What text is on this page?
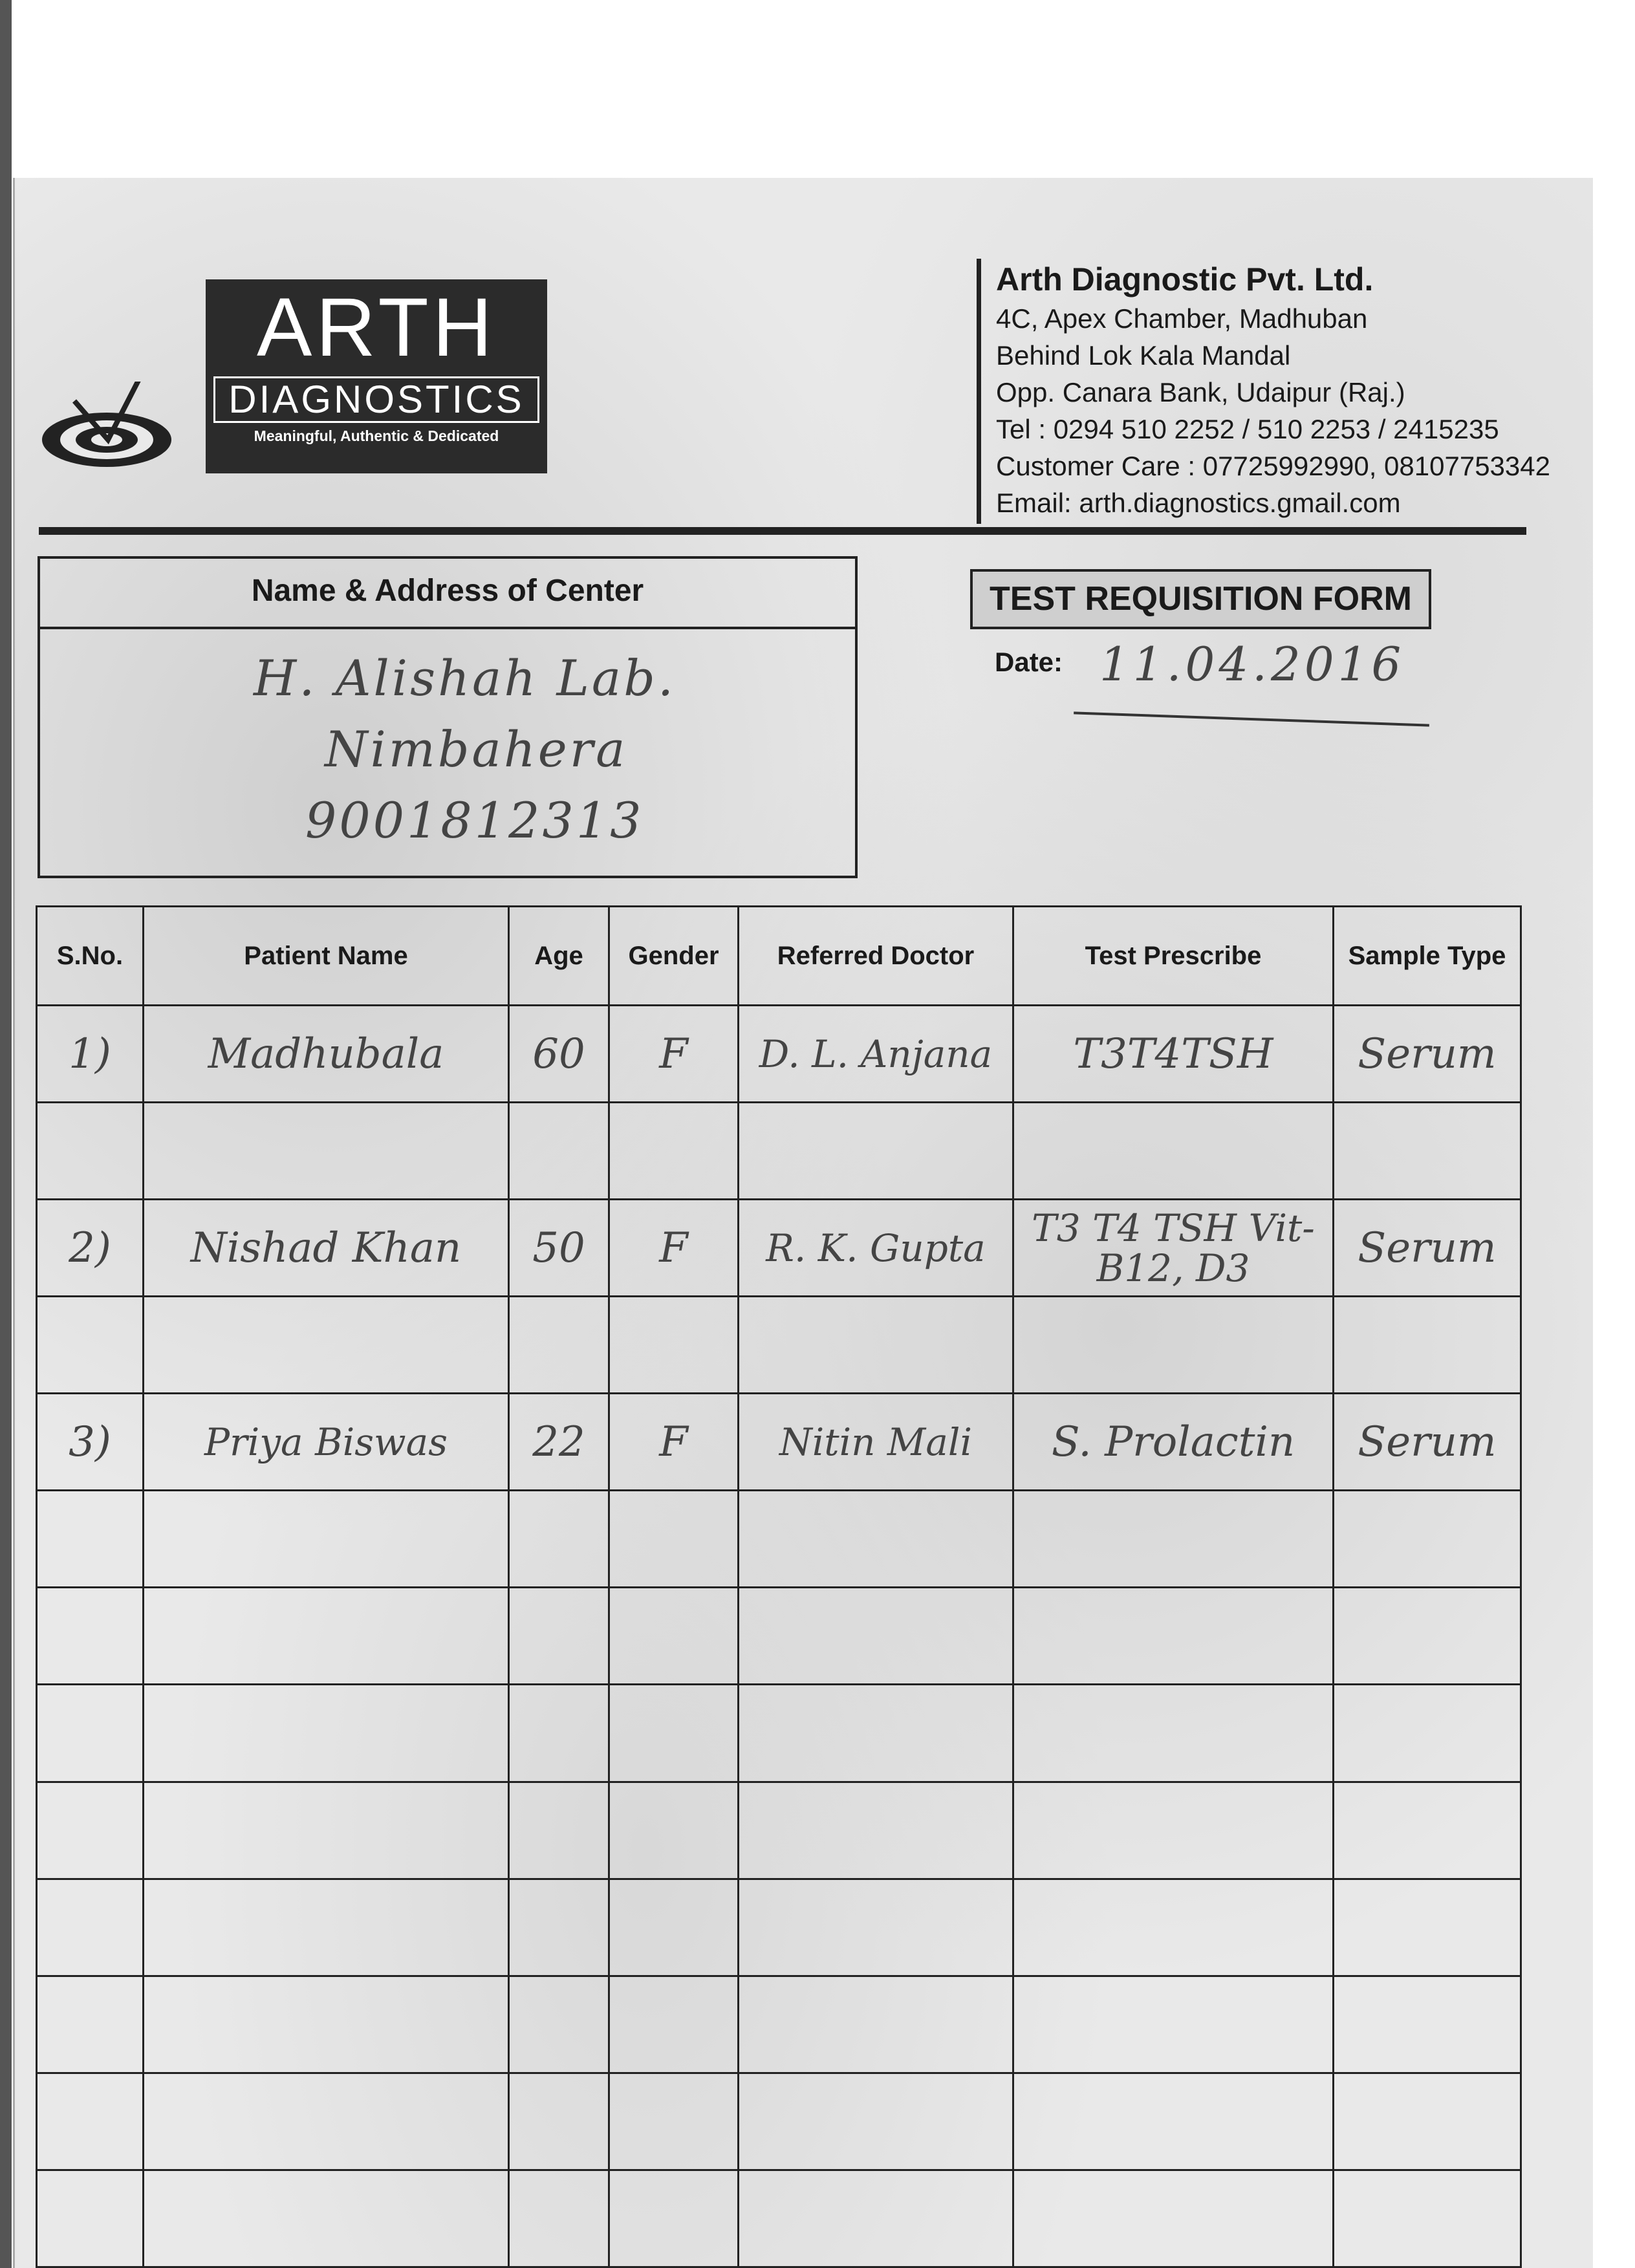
ARTH
DIAGNOSTICS
Meaningful, Authentic & Dedicated
Arth Diagnostic Pvt. Ltd.
4C, Apex Chamber, Madhuban
Behind Lok Kala Mandal
Opp. Canara Bank, Udaipur (Raj.)
Tel : 0294 510 2252 / 510 2253 / 2415235
Customer Care : 07725992990, 08107753342
Email: arth.diagnostics.gmail.com
Name & Address of Center
H. Alishah Lab.
Nimbahera
9001812313
TEST REQUISITION FORM
Date: 11.04.2016
S.No.	Patient Name	Age	Gender	Referred Doctor	Test Prescribe	Sample Type
1)	Madhubala	60	F	D. L. Anjana	T3T4TSH	Serum

2)	Nishad Khan	50	F	R. K. Gupta	T3 T4 TSH Vit-B12, D3	Serum

3)	Priya Biswas	22	F	Nitin Mali	S. Prolactin	Serum
